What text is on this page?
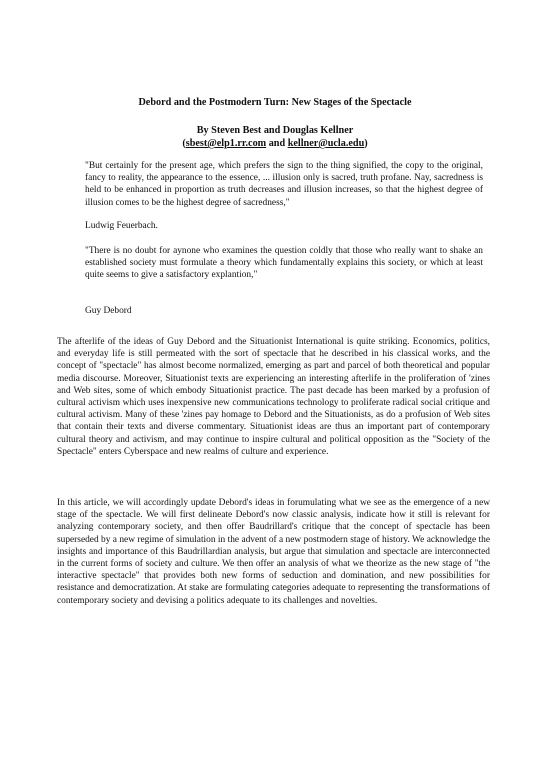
Debord and the Postmodern Turn: New Stages of the Spectacle
By Steven Best and Douglas Kellner
(sbest@elp1.rr.com and kellner@ucla.edu)
"But certainly for the present age, which prefers the sign to the thing signified, the copy to the original, fancy to reality, the appearance to the essence, ... illusion only is sacred, truth profane. Nay, sacredness is held to be enhanced in proportion as truth decreases and illusion increases, so that the highest degree of illusion comes to be the highest degree of sacredness,"
Ludwig Feuerbach.
"There is no doubt for aynone who examines the question coldly that those who really want to shake an established society must formulate a theory which fundamentally explains this society, or which at least quite seems to give a satisfactory explantion,"
Guy Debord

The afterlife of the ideas of Guy Debord and the Situationist International is quite striking. Economics, politics, and everyday life is still permeated with the sort of spectacle that he described in his classical works, and the concept of "spectacle" has almost become normalized, emerging as part and parcel of both theoretical and popular media discourse. Moreover, Situationist texts are experiencing an interesting afterlife in the proliferation of 'zines and Web sites, some of which embody Situationist practice. The past decade has been marked by a profusion of cultural activism which uses inexpensive new communications technology to proliferate radical social critique and cultural activism. Many of these 'zines pay homage to Debord and the Situationists, as do a profusion of Web sites that contain their texts and diverse commentary. Situationist ideas are thus an important part of contemporary cultural theory and activism, and may continue to inspire cultural and political opposition as the "Society of the Spectacle" enters Cyberspace and new realms of culture and experience.

In this article, we will accordingly update Debord's ideas in forumulating what we see as the emergence of a new stage of the spectacle. We will first delineate Debord's now classic analysis, indicate how it still is relevant for analyzing contemporary society, and then offer Baudrillard's critique that the concept of spectacle has been superseded by a new regime of simulation in the advent of a new postmodern stage of history. We acknowledge the insights and importance of this Baudrillardian analysis, but argue that simulation and spectacle are interconnected in the current forms of society and culture. We then offer an analysis of what we theorize as the new stage of "the interactive spectacle" that provides both new forms of seduction and domination, and new possibilities for resistance and democratization. At stake are formulating categories adequate to representing the transformations of contemporary society and devising a politics adequate to its challenges and novelties.
